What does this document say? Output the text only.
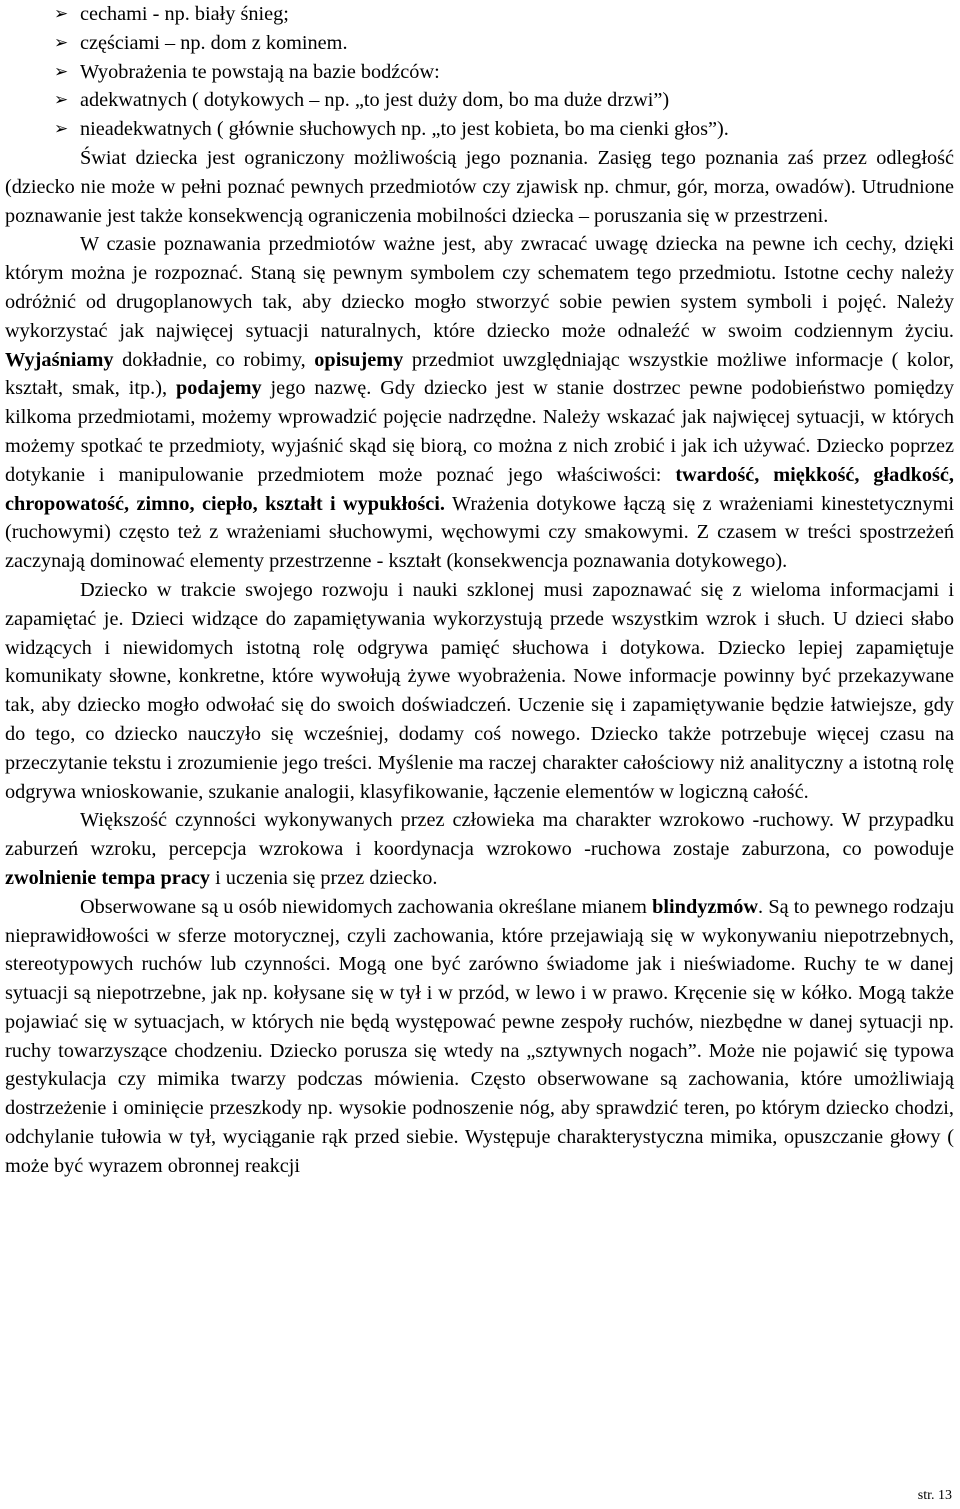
➢ cechami - np. biały śnieg;
➢ częściami – np. dom z kominem.
➢ Wyobrażenia te powstają na bazie bodźców:
➢ adekwatnych ( dotykowych – np. „to jest duży dom, bo ma duże drzwi”)
➢ nieadekwatnych ( głównie słuchowych np. „to jest kobieta, bo ma cienki głos”).

Świat dziecka jest ograniczony możliwością jego poznania. Zasięg tego poznania zaś przez odległość (dziecko nie może w pełni poznać pewnych przedmiotów czy zjawisk np. chmur, gór, morza, owadów). Utrudnione poznawanie jest także konsekwencją ograniczenia mobilności dziecka – poruszania się w przestrzeni.

W czasie poznawania przedmiotów ważne jest, aby zwracać uwagę dziecka na pewne ich cechy, dzięki którym można je rozpoznać. Staną się pewnym symbolem czy schematem tego przedmiotu. Istotne cechy należy odróżnić od drugoplanowych tak, aby dziecko mogło stworzyć sobie pewien system symboli i pojęć. Należy wykorzystać jak najwięcej sytuacji naturalnych, które dziecko może odnaleźć w swoim codziennym życiu. Wyjaśniamy dokładnie, co robimy, opisujemy przedmiot uwzględniając wszystkie możliwe informacje ( kolor, kształt, smak, itp.), podajemy jego nazwę. Gdy dziecko jest w stanie dostrzec pewne podobieństwo pomiędzy kilkoma przedmiotami, możemy wprowadzić pojęcie nadrzędne. Należy wskazać jak najwięcej sytuacji, w których możemy spotkać te przedmioty, wyjaśnić skąd się biorą, co można z nich zrobić i jak ich używać. Dziecko poprzez dotykanie i manipulowanie przedmiotem może poznać jego właściwości: twardość, miękkość, gładkość, chropowatość, zimno, ciepło, kształt i wypukłości. Wrażenia dotykowe łączą się z wrażeniami kinestetycznymi (ruchowymi) często też z wrażeniami słuchowymi, węchowymi czy smakowymi. Z czasem w treści spostrzeżeń zaczynają dominować elementy przestrzenne - kształt (konsekwencja poznawania dotykowego).

Dziecko w trakcie swojego rozwoju i nauki szklonej musi zapoznawać się z wieloma informacjami i zapamiętać je. Dzieci widzące do zapamiętywania wykorzystują przede wszystkim wzrok i słuch. U dzieci słabo widzących i niewidomych istotną rolę odgrywa pamięć słuchowa i dotykowa. Dziecko lepiej zapamiętuje komunikaty słowne, konkretne, które wywołują żywe wyobrażenia. Nowe informacje powinny być przekazywane tak, aby dziecko mogło odwołać się do swoich doświadczeń. Uczenie się i zapamiętywanie będzie łatwiejsze, gdy do tego, co dziecko nauczyło się wcześniej, dodamy coś nowego. Dziecko także potrzebuje więcej czasu na przeczytanie tekstu i zrozumienie jego treści. Myślenie ma raczej charakter całościowy niż analityczny a istotną rolę odgrywa wnioskowanie, szukanie analogii, klasyfikowanie, łączenie elementów w logiczną całość.

Większość czynności wykonywanych przez człowieka ma charakter wzrokowo -ruchowy. W przypadku zaburzeń wzroku, percepcja wzrokowa i koordynacja wzrokowo -ruchowa zostaje zaburzona, co powoduje zwolnienie tempa pracy i uczenia się przez dziecko.

Obserwowane są u osób niewidomych zachowania określane mianem blindyzmów. Są to pewnego rodzaju nieprawidłowości w sferze motorycznej, czyli zachowania, które przejawiają się w wykonywaniu niepotrzebnych, stereotypowych ruchów lub czynności. Mogą one być zarówno świadome jak i nieświadome. Ruchy te w danej sytuacji są niepotrzebne, jak np. kołysane się w tył i w przód, w lewo i w prawo. Kręcenie się w kółko. Mogą także pojawiać się w sytuacjach, w których nie będą występować pewne zespoły ruchów, niezbędne w danej sytuacji np. ruchy towarzyszące chodzeniu. Dziecko porusza się wtedy na „sztywnych nogach”. Może nie pojawić się typowa gestykulacja czy mimika twarzy podczas mówienia. Często obserwowane są zachowania, które umożliwiają dostrzeżenie i ominięcie przeszkody np. wysokie podnoszenie nóg, aby sprawdzić teren, po którym dziecko chodzi, odchylanie tułowia w tył, wyciąganie rąk przed siebie. Występuje charakterystyczna mimika, opuszczanie głowy ( może być wyrazem obronnej reakcji

str. 13
